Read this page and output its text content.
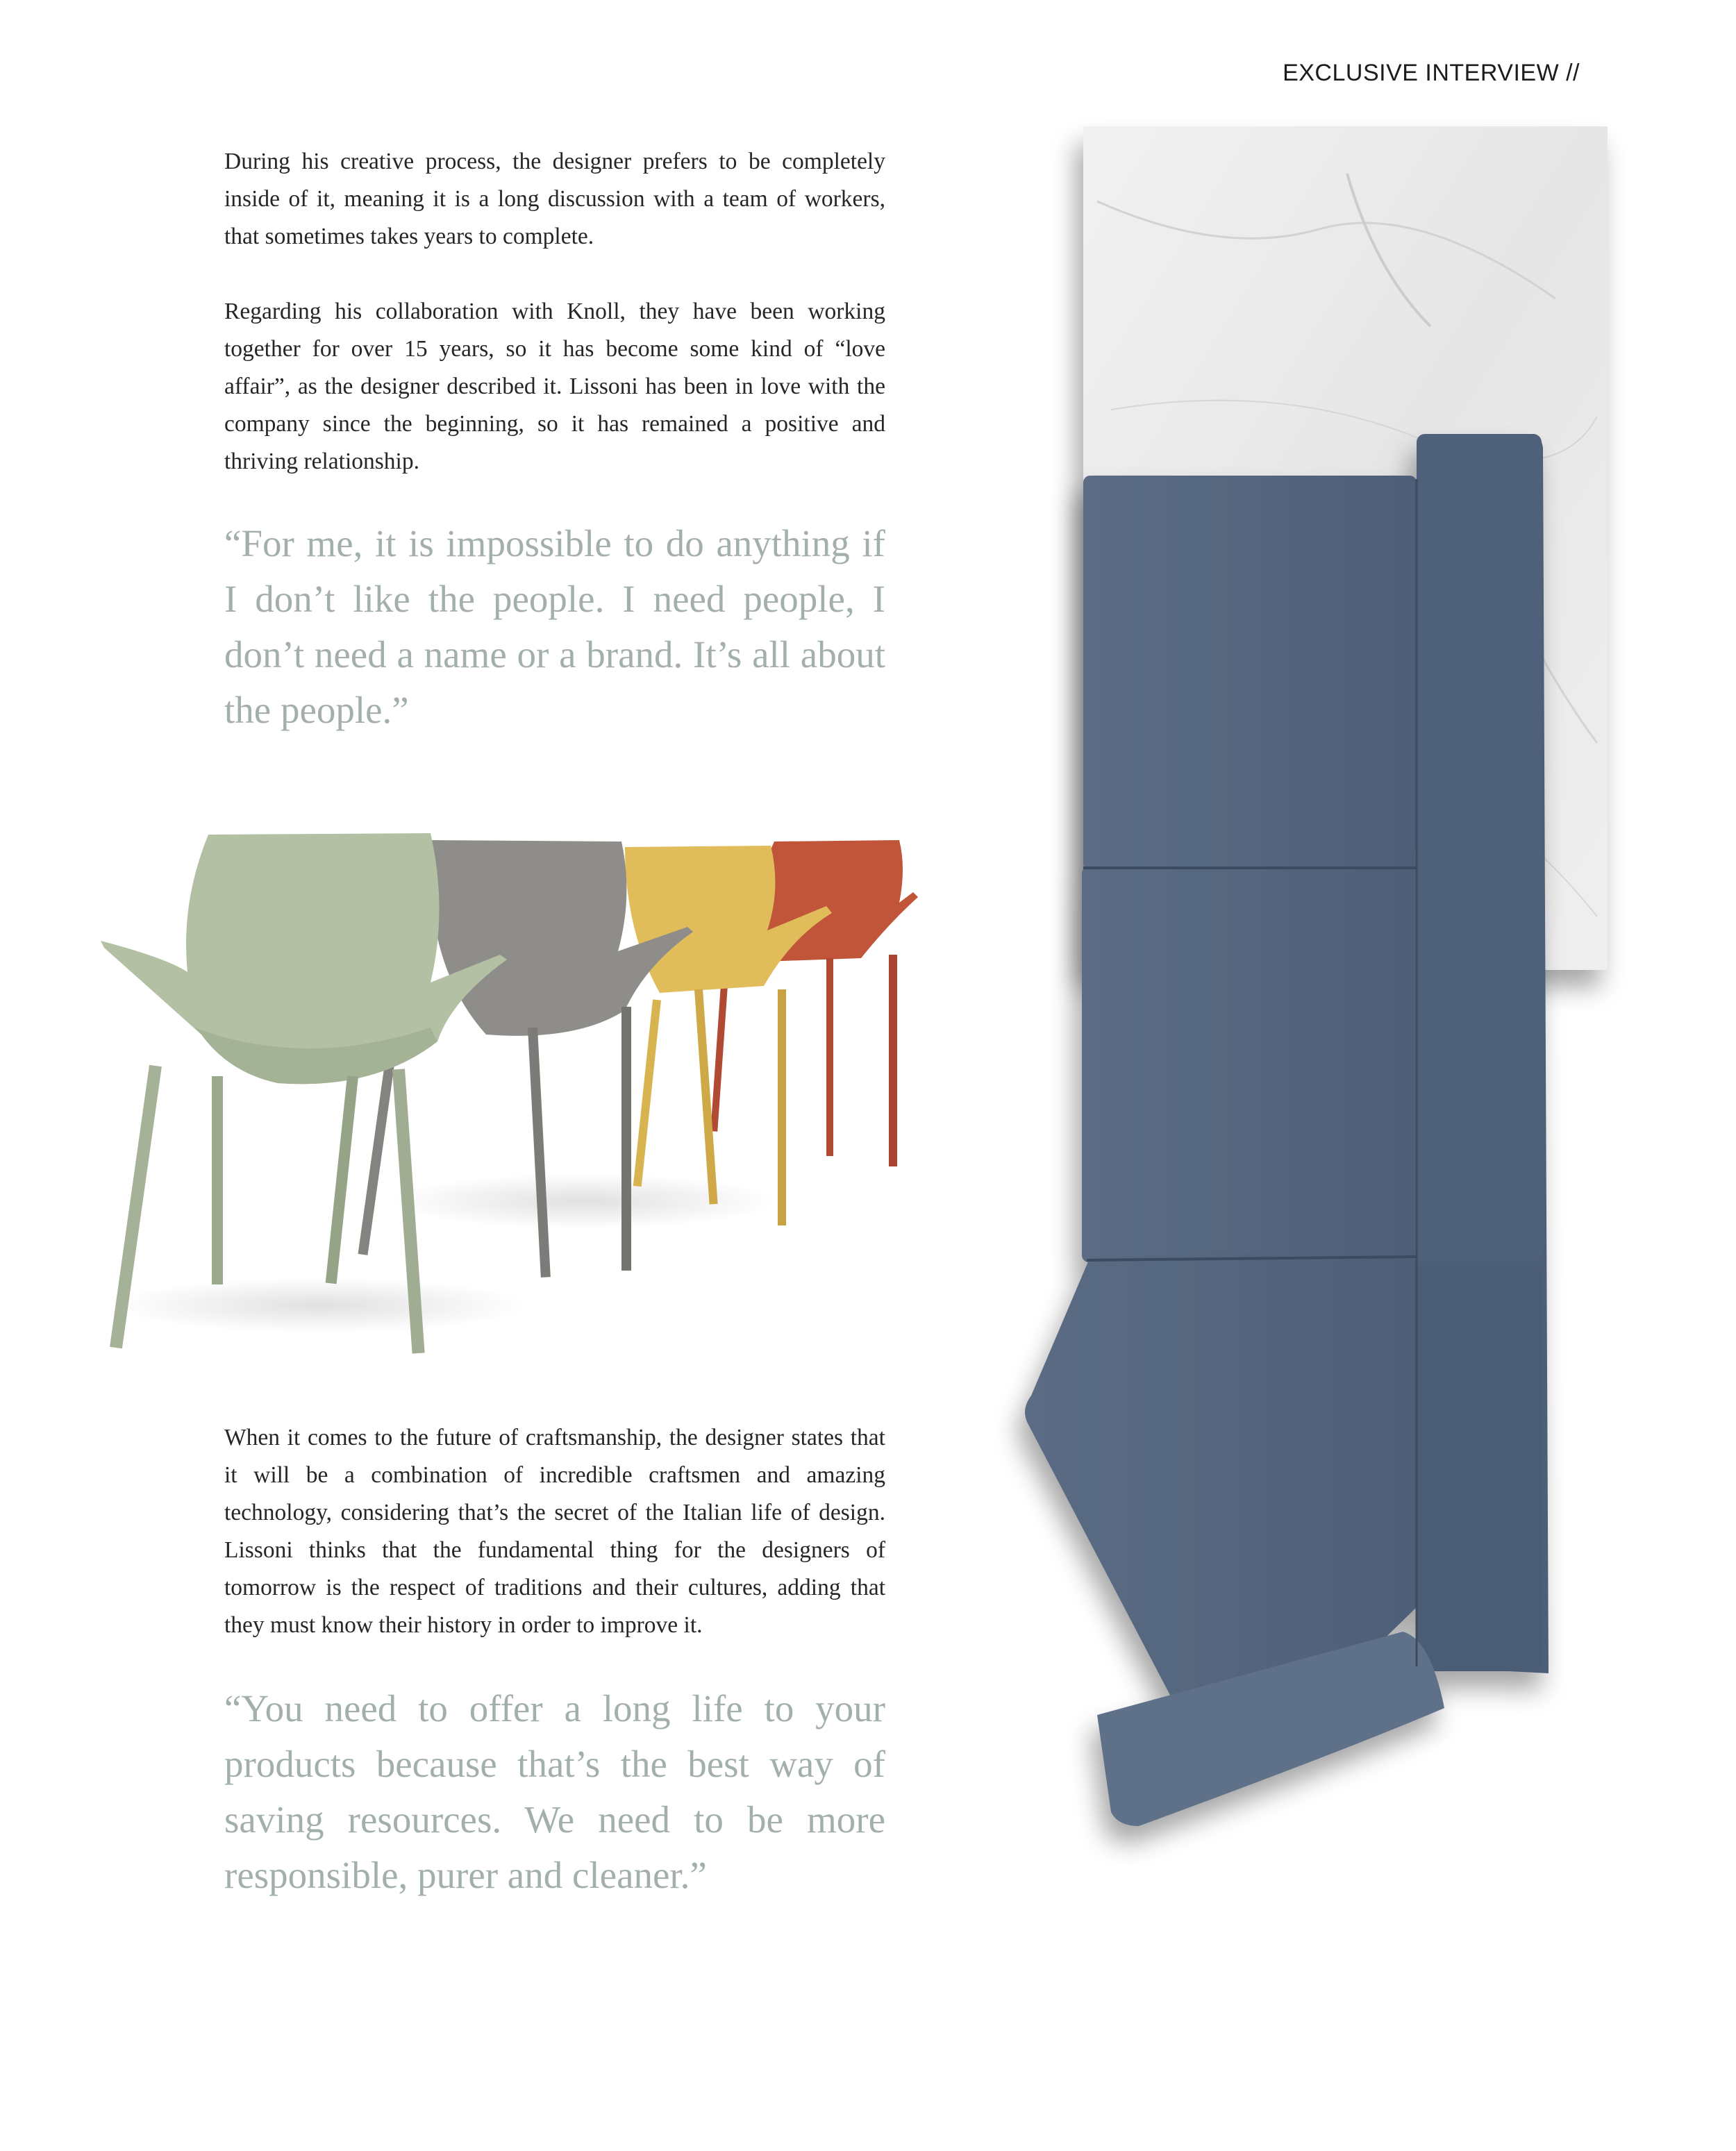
EXCLUSIVE INTERVIEW //

During his creative process, the designer prefers to be completely inside of it, meaning it is a long discussion with a team of workers, that sometimes takes years to complete.

Regarding his collaboration with Knoll, they have been working together for over 15 years, so it has become some kind of “love affair”, as the designer described it. Lissoni has been in love with the company since the beginning, so it has remained a positive and thriving relationship.

“For me, it is impossible to do anything if I don’t like the people. I need people, I don’t need a name or a brand. It’s all about the people.”

When it comes to the future of craftsmanship, the designer states that it will be a combination of incredible craftsmen and amazing technology, considering that’s the secret of the Italian life of design. Lissoni thinks that the fundamental thing for the designers of tomorrow is the respect of traditions and their cultures, adding that they must know their history in order to improve it.

“You need to offer a long life to your products because that’s the best way of saving resources. We need to be more responsible, purer and cleaner.”
